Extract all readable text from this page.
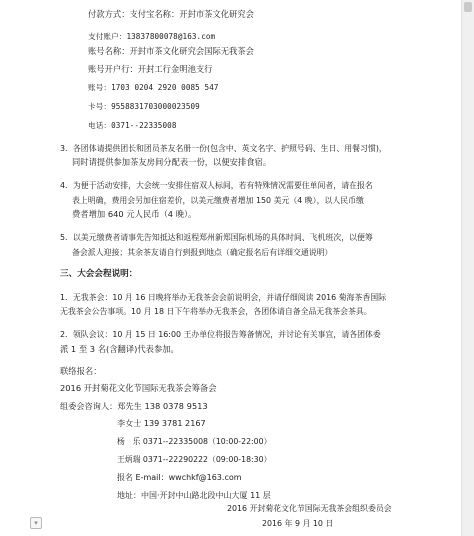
付款方式：支付宝名称：开封市茶文化研究会
支付账户：13837800078@163.com
账号名称：开封市茶文化研究会国际无我茶会
账号开户行：开封工行金明池支行
账号：1703 0204 2920 0085 547
卡号：9558831703000023509
电话：0371--22335008
3．各团体请提供团长和团员茶友名册一份(包含中、英文名字、护照号码、生日、用餐习惯)，
同时请提供参加茶友房间分配表一份，以便安排食宿。
4．为便于活动安排，大会统一安排住宿双人标间，若有特殊情况需要住单间者，请在报名
表上明确，费用会另加住宿差价，以美元缴费者增加 150 美元（4 晚），以人民币缴
费者增加 640 元人民币（4 晚）。
5．以美元缴费者请事先告知抵达和返程郑州新郑国际机场的具体时间、飞机班次，以便筹
备会派人迎接；其余茶友请自行到报到地点（确定报名后有详细交通说明）
三、大会会程说明：
1．无我茶会：10 月 16 日晚将举办无我茶会会前说明会，并请仔细阅读 2016 菊海茶香国际
无我茶会公告事项。10 月 18 日下午将举办无我茶会，各团体请自备全品无我茶会茶具。
2．领队会议：10 月 15 日 16:00 王办单位将报告筹备情况，并讨论有关事宜，请各团体委
派 1 至 3 名(含翻译)代表参加。
联络报名：
2016 开封菊花文化节国际无我茶会筹备会
组委会咨询人：郑先生 138 0378 9513
李女士 139 3781 2167
杨　乐 0371--22335008（10:00-22:00）
王炳瑞 0371--22290222（09:00-18:30）
报名 E-mail：wwchkf@163.com
地址：中国·开封中山路北段中山大厦 11 层
2016 开封菊花文化节国际无我茶会组织委员会
2016 年 9 月 10 日
▾
